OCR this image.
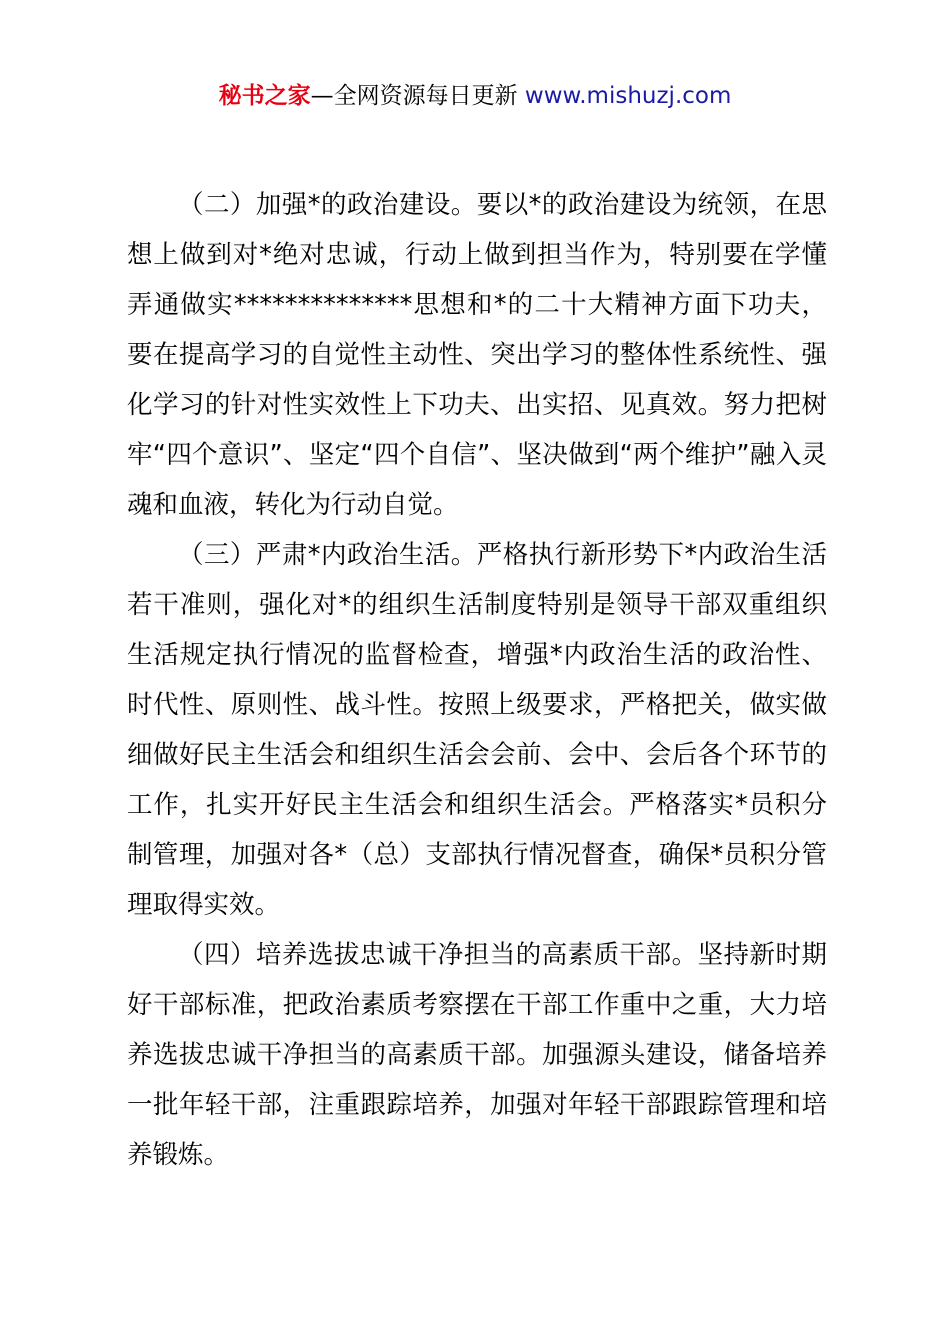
秘书之家—全网资源每日更新 www.mishuzj.com

（二）加强*的政治建设。要以*的政治建设为统领，在思想上做到对*绝对忠诚，行动上做到担当作为，特别要在学懂弄通做实**************思想和*的二十大精神方面下功夫，要在提高学习的自觉性主动性、突出学习的整体性系统性、强化学习的针对性实效性上下功夫、出实招、见真效。努力把树牢“四个意识”、坚定“四个自信”、坚决做到“两个维护”融入灵魂和血液，转化为行动自觉。

（三）严肃*内政治生活。严格执行新形势下*内政治生活若干准则，强化对*的组织生活制度特别是领导干部双重组织生活规定执行情况的监督检查，增强*内政治生活的政治性、时代性、原则性、战斗性。按照上级要求，严格把关，做实做细做好民主生活会和组织生活会会前、会中、会后各个环节的工作，扎实开好民主生活会和组织生活会。严格落实*员积分制管理，加强对各*（总）支部执行情况督查，确保*员积分管理取得实效。

（四）培养选拔忠诚干净担当的高素质干部。坚持新时期好干部标准，把政治素质考察摆在干部工作重中之重，大力培养选拔忠诚干净担当的高素质干部。加强源头建设，储备培养一批年轻干部，注重跟踪培养，加强对年轻干部跟踪管理和培养锻炼。
